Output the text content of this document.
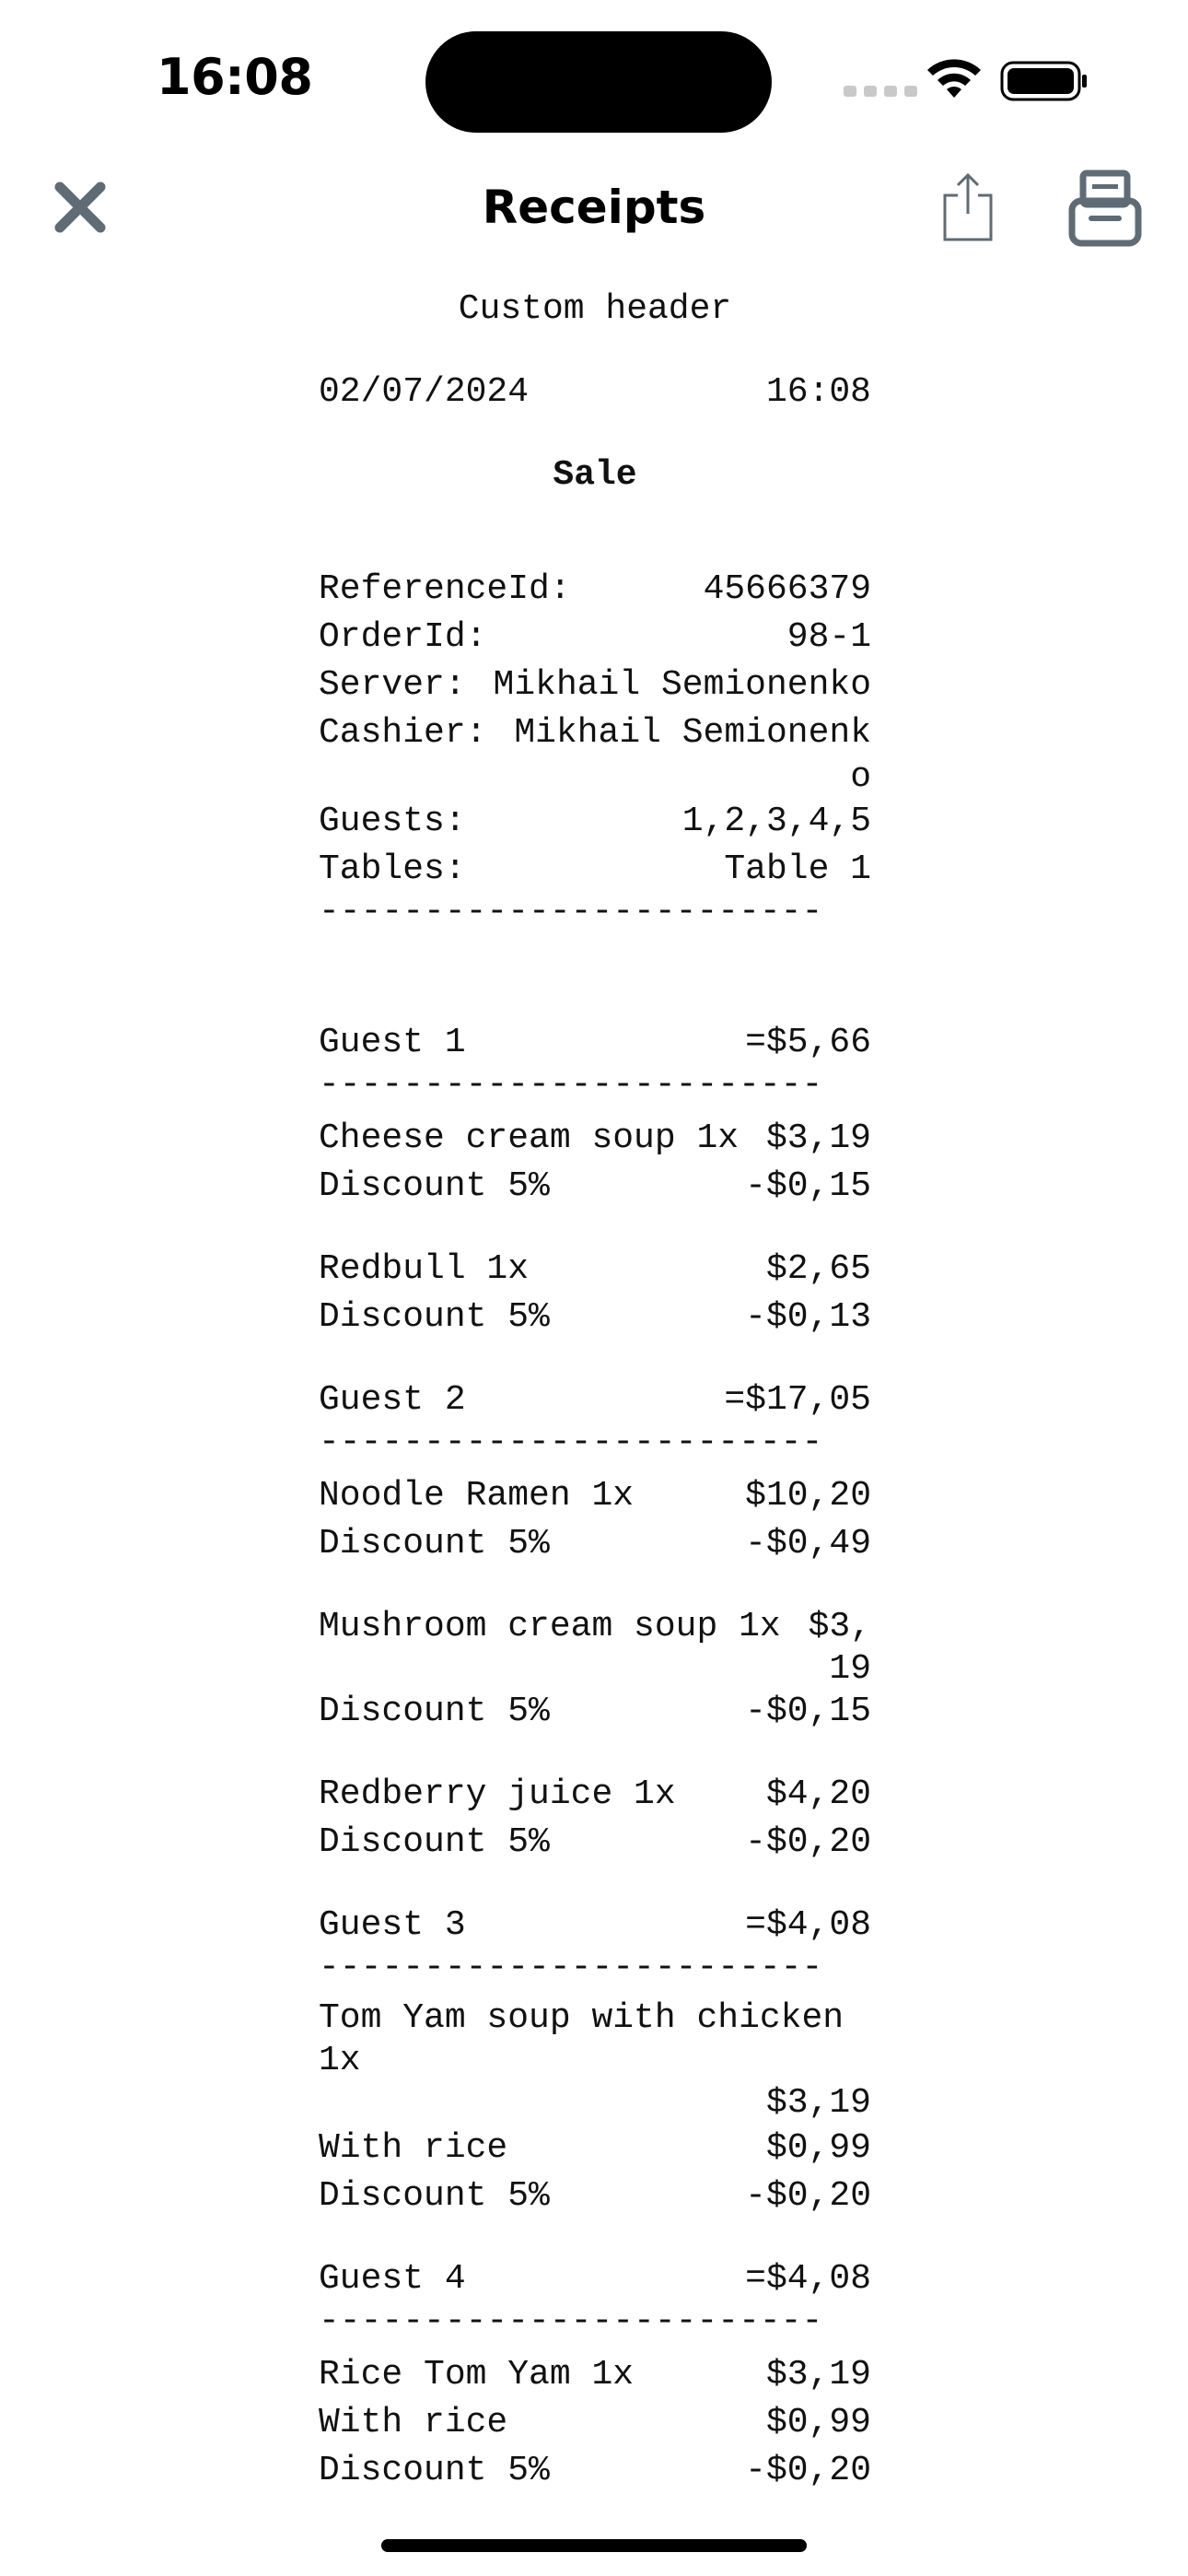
16:08
Receipts
Custom header
02/07/2024	16:08
Sale
ReferenceId:	45666379
OrderId:	98-1
Server: Mikhail Semionenko
Cashier: Mikhail Semionenk
o
Guests:	1,2,3,4,5
Tables:	Table 1
------------------------
Guest 1	=$5,66
------------------------
Cheese cream soup 1x $3,19
Discount 5%	-$0,15
Redbull 1x	$2,65
Discount 5%	-$0,13
Guest 2	=$17,05
------------------------
Noodle Ramen 1x	$10,20
Discount 5%	-$0,49
Mushroom cream soup 1x $3,
19
Discount 5%	-$0,15
Redberry juice 1x	$4,20
Discount 5%	-$0,20
Guest 3	=$4,08
------------------------
Tom Yam soup with chicken
1x
$3,19
With rice	$0,99
Discount 5%	-$0,20
Guest 4	=$4,08
------------------------
Rice Tom Yam 1x	$3,19
With rice	$0,99
Discount 5%	-$0,20
